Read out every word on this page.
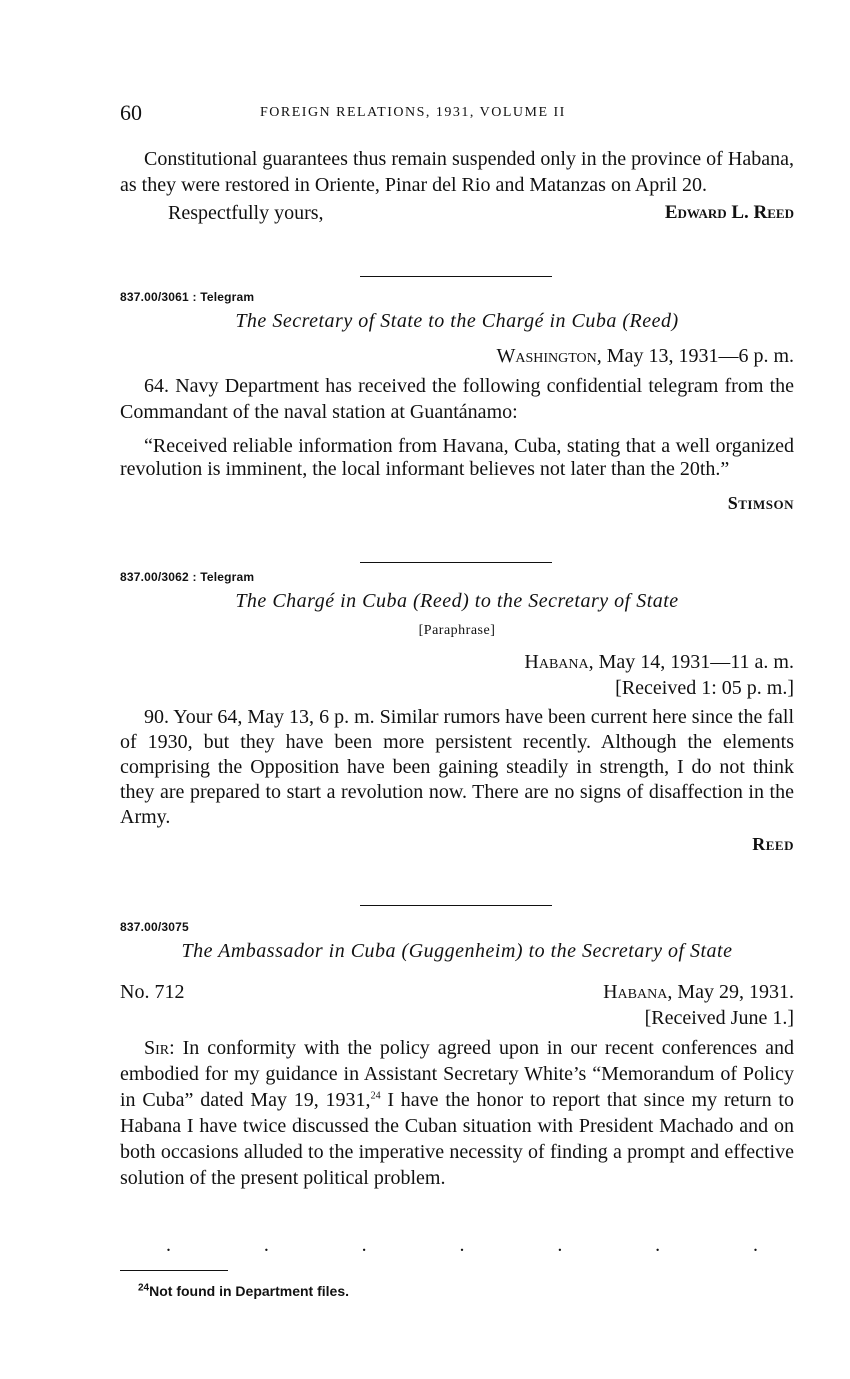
60	FOREIGN RELATIONS, 1931, VOLUME II

Constitutional guarantees thus remain suspended only in the province of Habana, as they were restored in Oriente, Pinar del Rio and Matanzas on April 20.

Respectfully yours,	Edward L. Reed
837.00/3061 : Telegram
The Secretary of State to the Chargé in Cuba (Reed)

Washington, May 13, 1931—6 p. m.

64. Navy Department has received the following confidential telegram from the Commandant of the naval station at Guantánamo:

“Received reliable information from Havana, Cuba, stating that a well organized revolution is imminent, the local informant believes not later than the 20th.”

Stimson
837.00/3062 : Telegram
The Chargé in Cuba (Reed) to the Secretary of State
[Paraphrase]

Habana, May 14, 1931—11 a. m.

[Received 1: 05 p. m.]

90. Your 64, May 13, 6 p. m. Similar rumors have been current here since the fall of 1930, but they have been more persistent recently. Although the elements comprising the Opposition have been gaining steadily in strength, I do not think they are prepared to start a revolution now. There are no signs of disaffection in the Army.

Reed
837.00/3075
The Ambassador in Cuba (Guggenheim) to the Secretary of State
No. 712	Habana, May 29, 1931.

[Received June 1.]

Sir: In conformity with the policy agreed upon in our recent conferences and embodied for my guidance in Assistant Secretary White’s “Memorandum of Policy in Cuba” dated May 19, 1931,24 I have the honor to report that since my return to Habana I have twice discussed the Cuban situation with President Machado and on both occasions alluded to the imperative necessity of finding a prompt and effective solution of the present political problem.

.	.	.	.	.	.	.
$^{24}$Not found in Department files.
